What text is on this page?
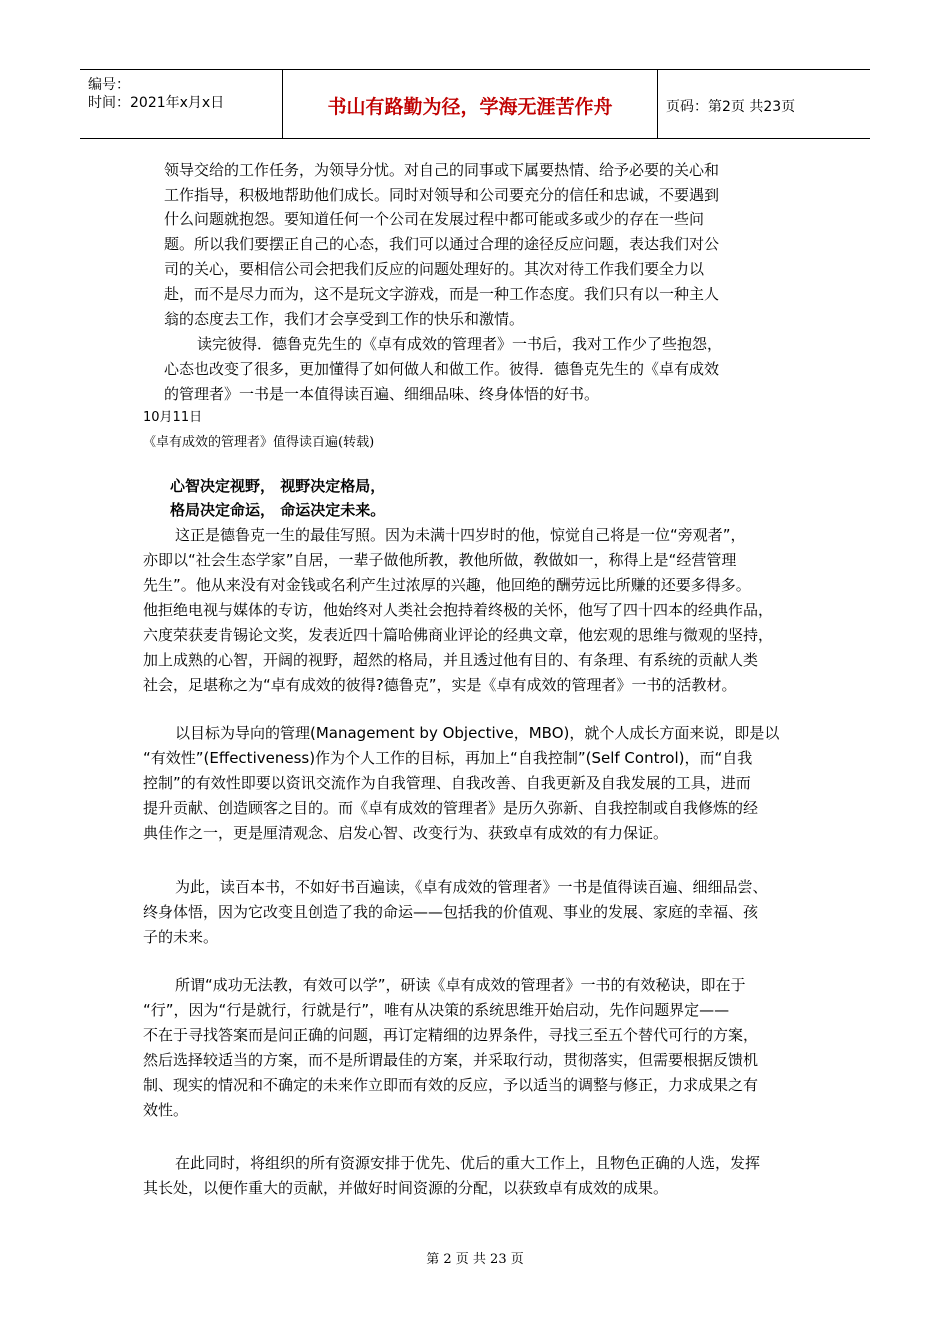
编号：
时间：2021年x月x日	书山有路勤为径，学海无涯苦作舟	页码：第2页 共23页
领导交给的工作任务，为领导分忧。对自己的同事或下属要热情、给予必要的关心和
工作指导，积极地帮助他们成长。同时对领导和公司要充分的信任和忠诚，不要遇到
什么问题就抱怨。要知道任何一个公司在发展过程中都可能或多或少的存在一些问
题。所以我们要摆正自己的心态，我们可以通过合理的途径反应问题，表达我们对公
司的关心，要相信公司会把我们反应的问题处理好的。其次对待工作我们要全力以
赴，而不是尽力而为，这不是玩文字游戏，而是一种工作态度。我们只有以一种主人
翁的态度去工作，我们才会享受到工作的快乐和激情。
读完彼得．德鲁克先生的《卓有成效的管理者》一书后，我对工作少了些抱怨，
心态也改变了很多，更加懂得了如何做人和做工作。彼得．德鲁克先生的《卓有成效
的管理者》一书是一本值得读百遍、细细品味、终身体悟的好书。
10月11日
《卓有成效的管理者》值得读百遍(转载)
心智决定视野， 视野决定格局，
格局决定命运， 命运决定未来。
这正是德鲁克一生的最佳写照。因为未满十四岁时的他，惊觉自己将是一位“旁观者”，
亦即以“社会生态学家”自居，一辈子做他所教，教他所做，敎做如一，称得上是“经营管理
先生”。他从来没有对金钱或名利产生过浓厚的兴趣，他回绝的酬劳远比所赚的还要多得多。
他拒绝电视与媒体的专访，他始终对人类社会抱持着终极的关怀，他写了四十四本的经典作品，
六度荣获麦肯锡论文奖，发表近四十篇哈佛商业评论的经典文章，他宏观的思维与微观的坚持，
加上成熟的心智，开阔的视野，超然的格局，并且透过他有目的、有条理、有系统的贡献人类
社会，足堪称之为“卓有成效的彼得?德鲁克”，实是《卓有成效的管理者》一书的活教材。
以目标为导向的管理(Management by Objective，MBO)，就个人成长方面来说，即是以
“有效性”(Effectiveness)作为个人工作的目标，再加上“自我控制”(Self Control)，而“自我
控制”的有效性即要以资讯交流作为自我管理、自我改善、自我更新及自我发展的工具，进而
提升贡献、创造顾客之目的。而《卓有成效的管理者》是历久弥新、自我控制或自我修炼的经
典佳作之一，更是厘清观念、启发心智、改变行为、获致卓有成效的有力保证。
为此，读百本书，不如好书百遍读，《卓有成效的管理者》一书是值得读百遍、细细品尝、
终身体悟，因为它改变且创造了我的命运——包括我的价值观、事业的发展、家庭的幸福、孩
子的未来。
所谓“成功无法教，有效可以学”，研读《卓有成效的管理者》一书的有效秘诀，即在于
“行”，因为“行是就行，行就是行”，唯有从决策的系统思维开始启动，先作问题界定——
不在于寻找答案而是问正确的问题，再订定精细的边界条件，寻找三至五个替代可行的方案，
然后选择较适当的方案，而不是所谓最佳的方案，并采取行动，贯彻落实，但需要根据反馈机
制、现实的情况和不确定的未来作立即而有效的反应，予以适当的调整与修正，力求成果之有
效性。
在此同时，将组织的所有资源安排于优先、优后的重大工作上，且物色正确的人选，发挥
其长处，以便作重大的贡献，并做好时间资源的分配，以获致卓有成效的成果。
第 2 页 共 23 页
